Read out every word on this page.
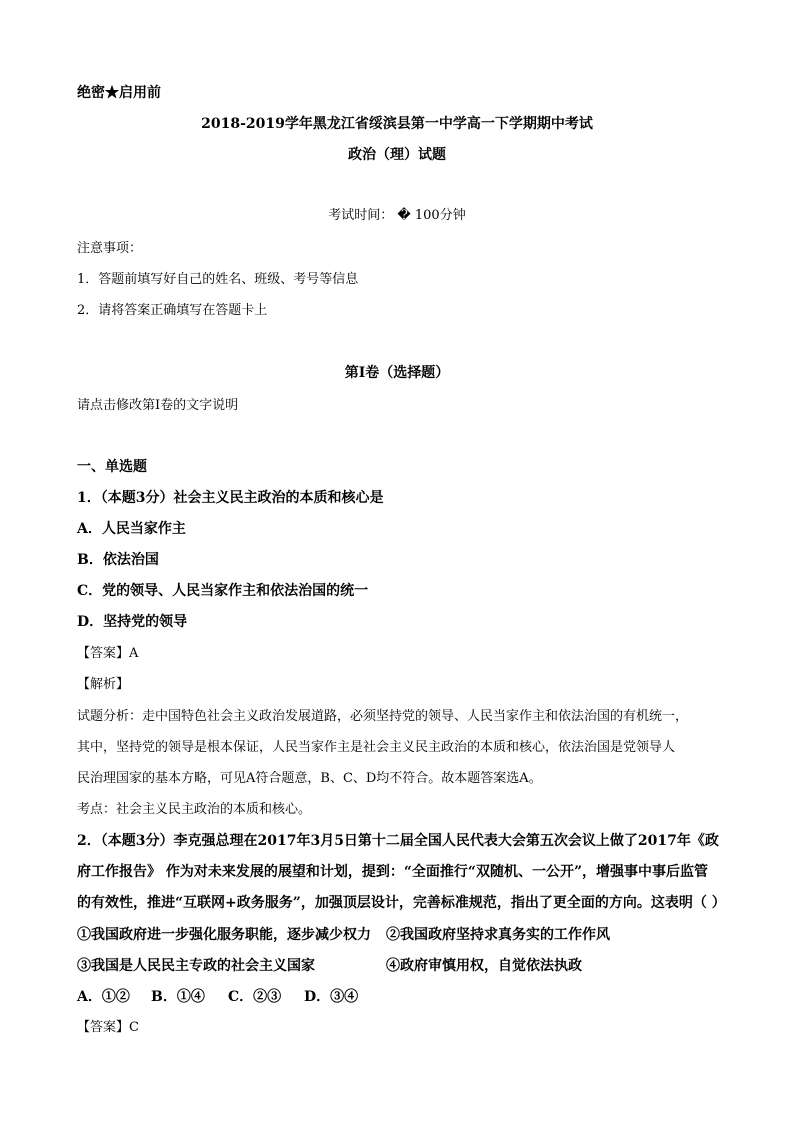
绝密★启用前
2018-2019学年黑龙江省绥滨县第一中学高一下学期期中考试
政治（理）试题
考试时间： � 100分钟
注意事项：
1．答题前填写好自己的姓名、班级、考号等信息
2．请将答案正确填写在答题卡上
第I卷（选择题）
请点击修改第I卷的文字说明
一、单选题
1．（本题3分）社会主义民主政治的本质和核心是
A．人民当家作主
B．依法治国
C．党的领导、人民当家作主和依法治国的统一
D．坚持党的领导
【答案】A
【解析】
试题分析：走中国特色社会主义政治发展道路，必须坚持党的领导、人民当家作主和依法治国的有机统一，
其中，坚持党的领导是根本保证，人民当家作主是社会主义民主政治的本质和核心，依法治国是党领导人
民治理国家的基本方略，可见A符合题意，B、C、D均不符合。故本题答案选A。
考点：社会主义民主政治的本质和核心。
2．（本题3分）李克强总理在2017年3月5日第十二届全国人民代表大会第五次会议上做了2017年《政
府工作报告》 作为对未来发展的展望和计划，提到：“全面推行“双随机、一公开”，增强事中事后监管
的有效性，推进“互联网+政务服务”，加强顶层设计，完善标准规范，指出了更全面的方向。这表明（ ）
①我国政府进一步强化服务职能，逐步减少权力 ②我国政府坚持求真务实的工作作风
③我国是人民民主专政的社会主义国家	④政府审慎用权，自觉依法执政
A．①② B．①④ C．②③ D．③④
【答案】C
